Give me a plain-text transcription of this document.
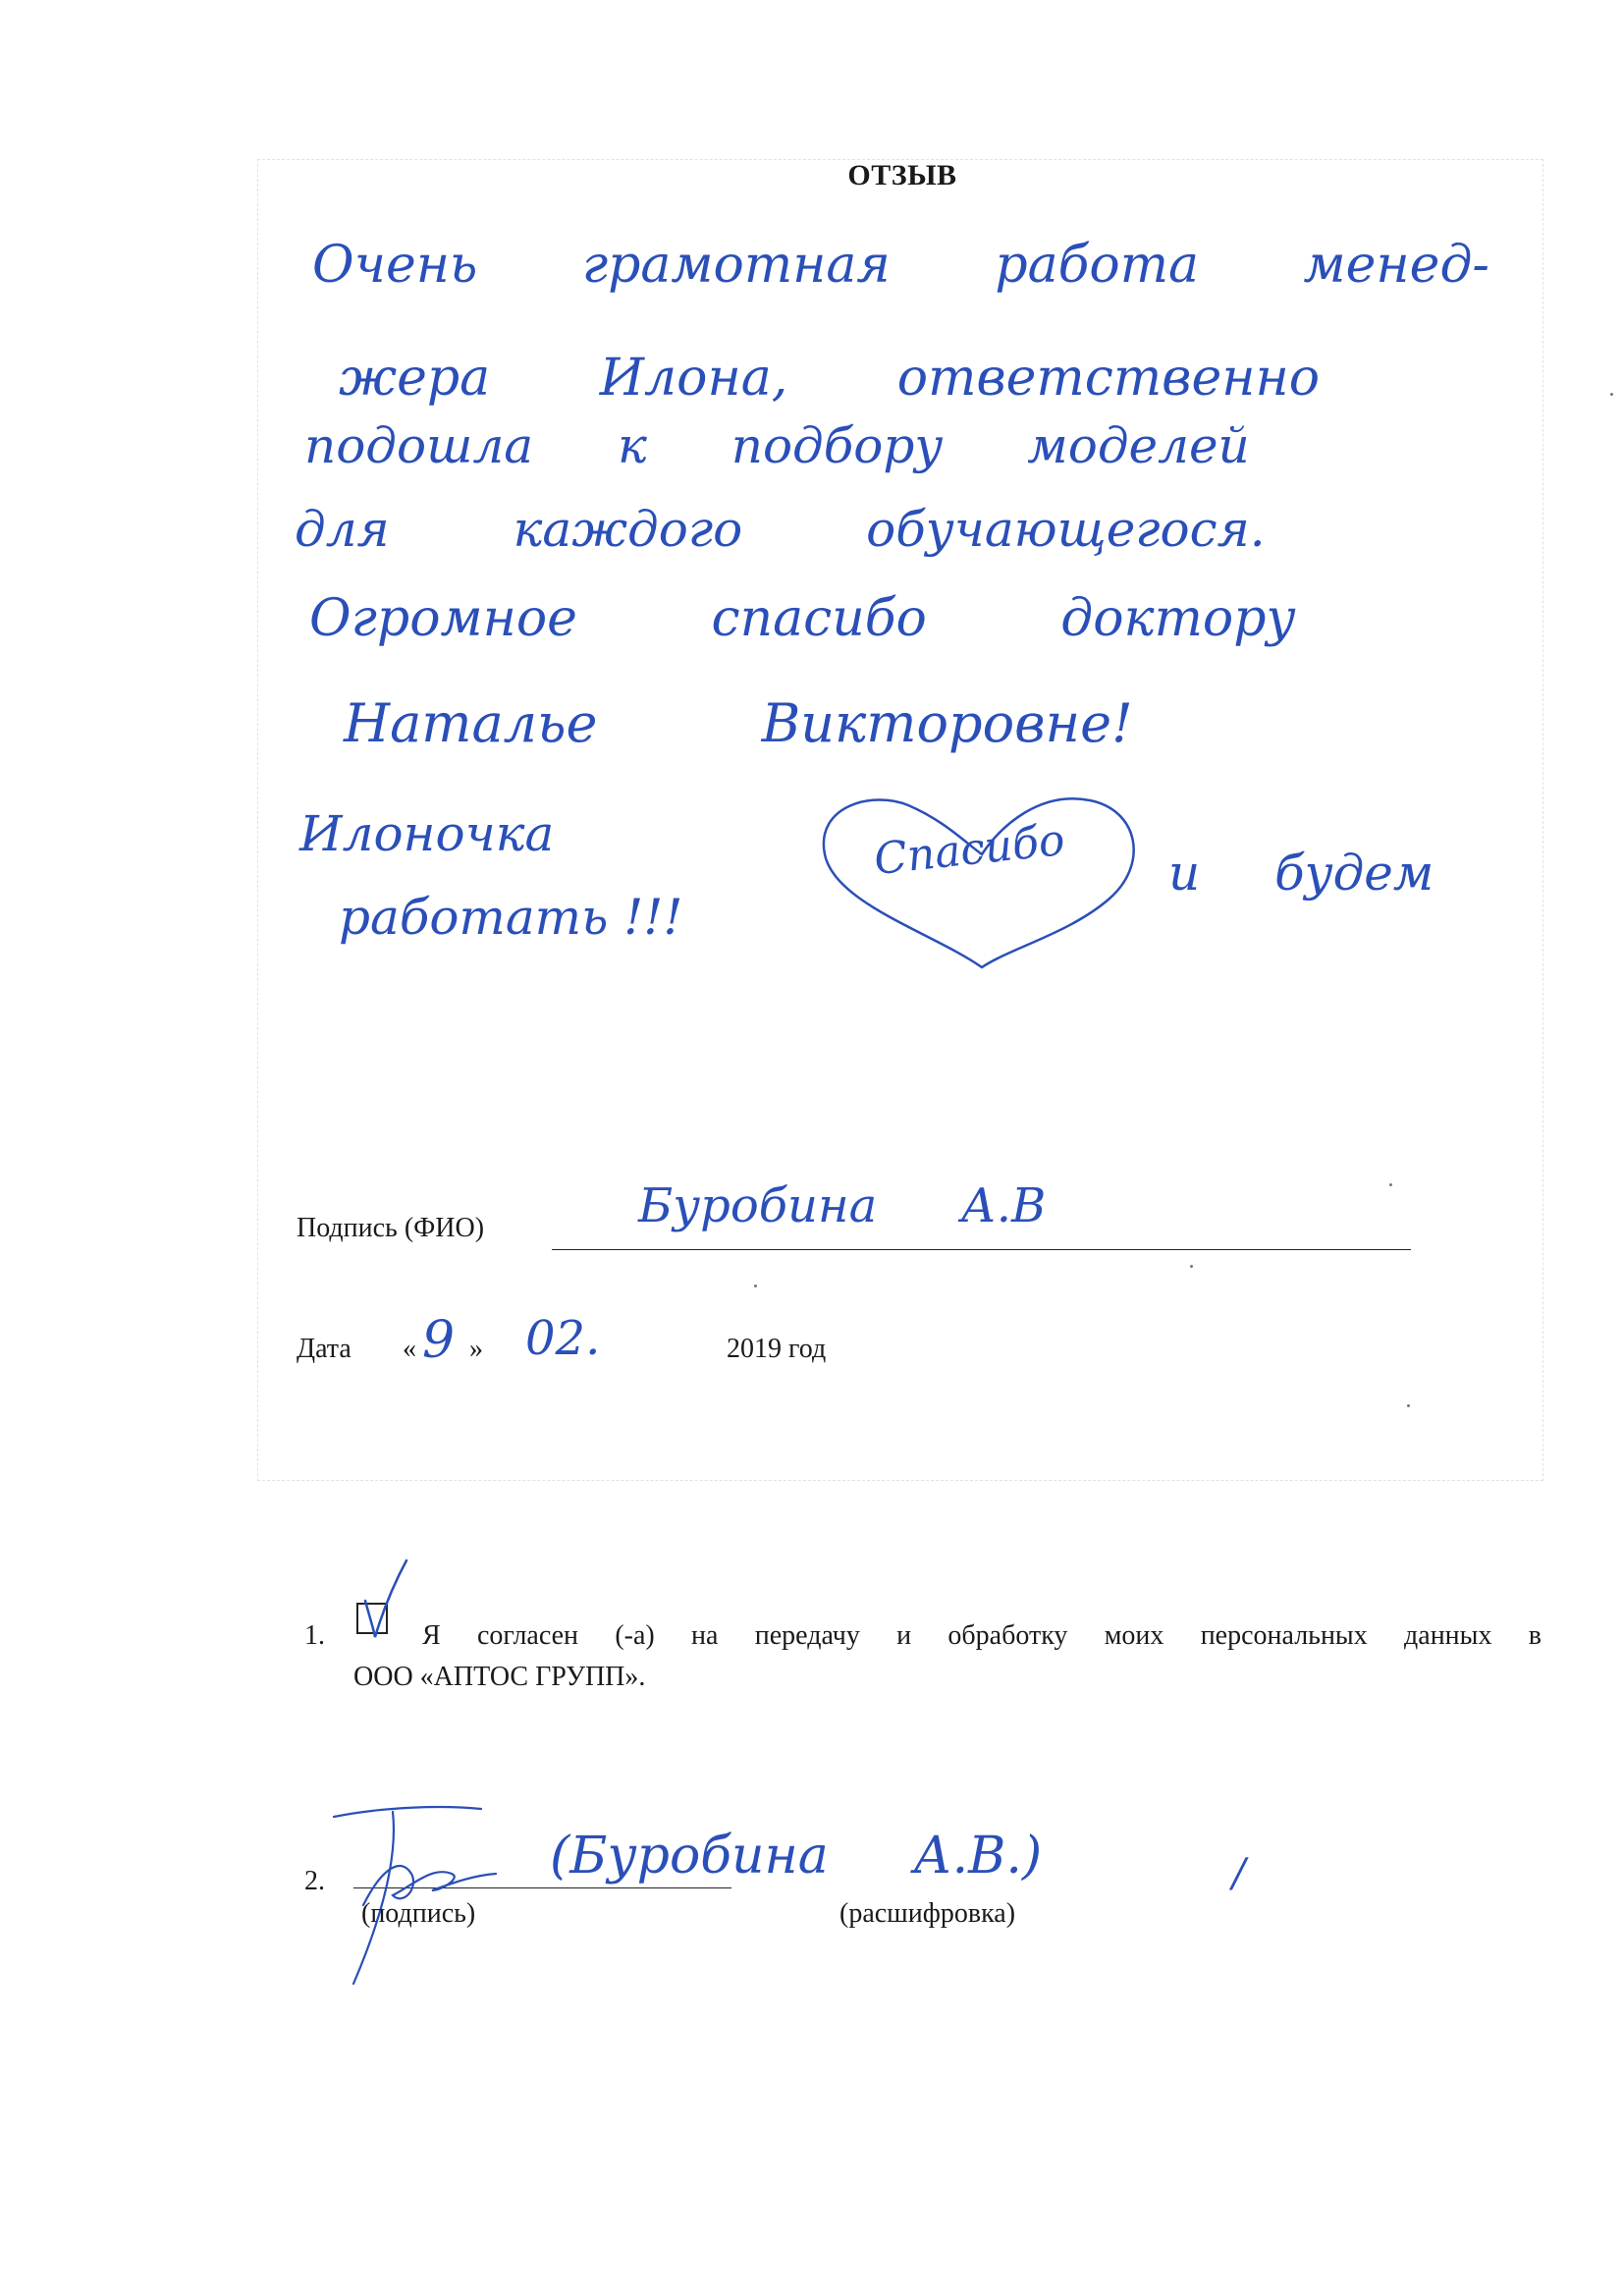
ОТЗЫВ
Очень грамотная работа менед-
жера Илона, ответственно
подошла к подбору моделей
для каждого обучающегося.
Огромное спасибо доктору
Наталье Викторовне!
Илоночка	Спасибо и будем
работать !!!
Подпись (ФИО)	Буробина А.В
Дата « 9 » 02.	2019 год
1.	Я согласен (-а) на передачу и обработку моих персональных данных в
ООО «АПТОС ГРУПП».
2.
(подпись)	(расшифровка)
(Буробина А.В.)	/
